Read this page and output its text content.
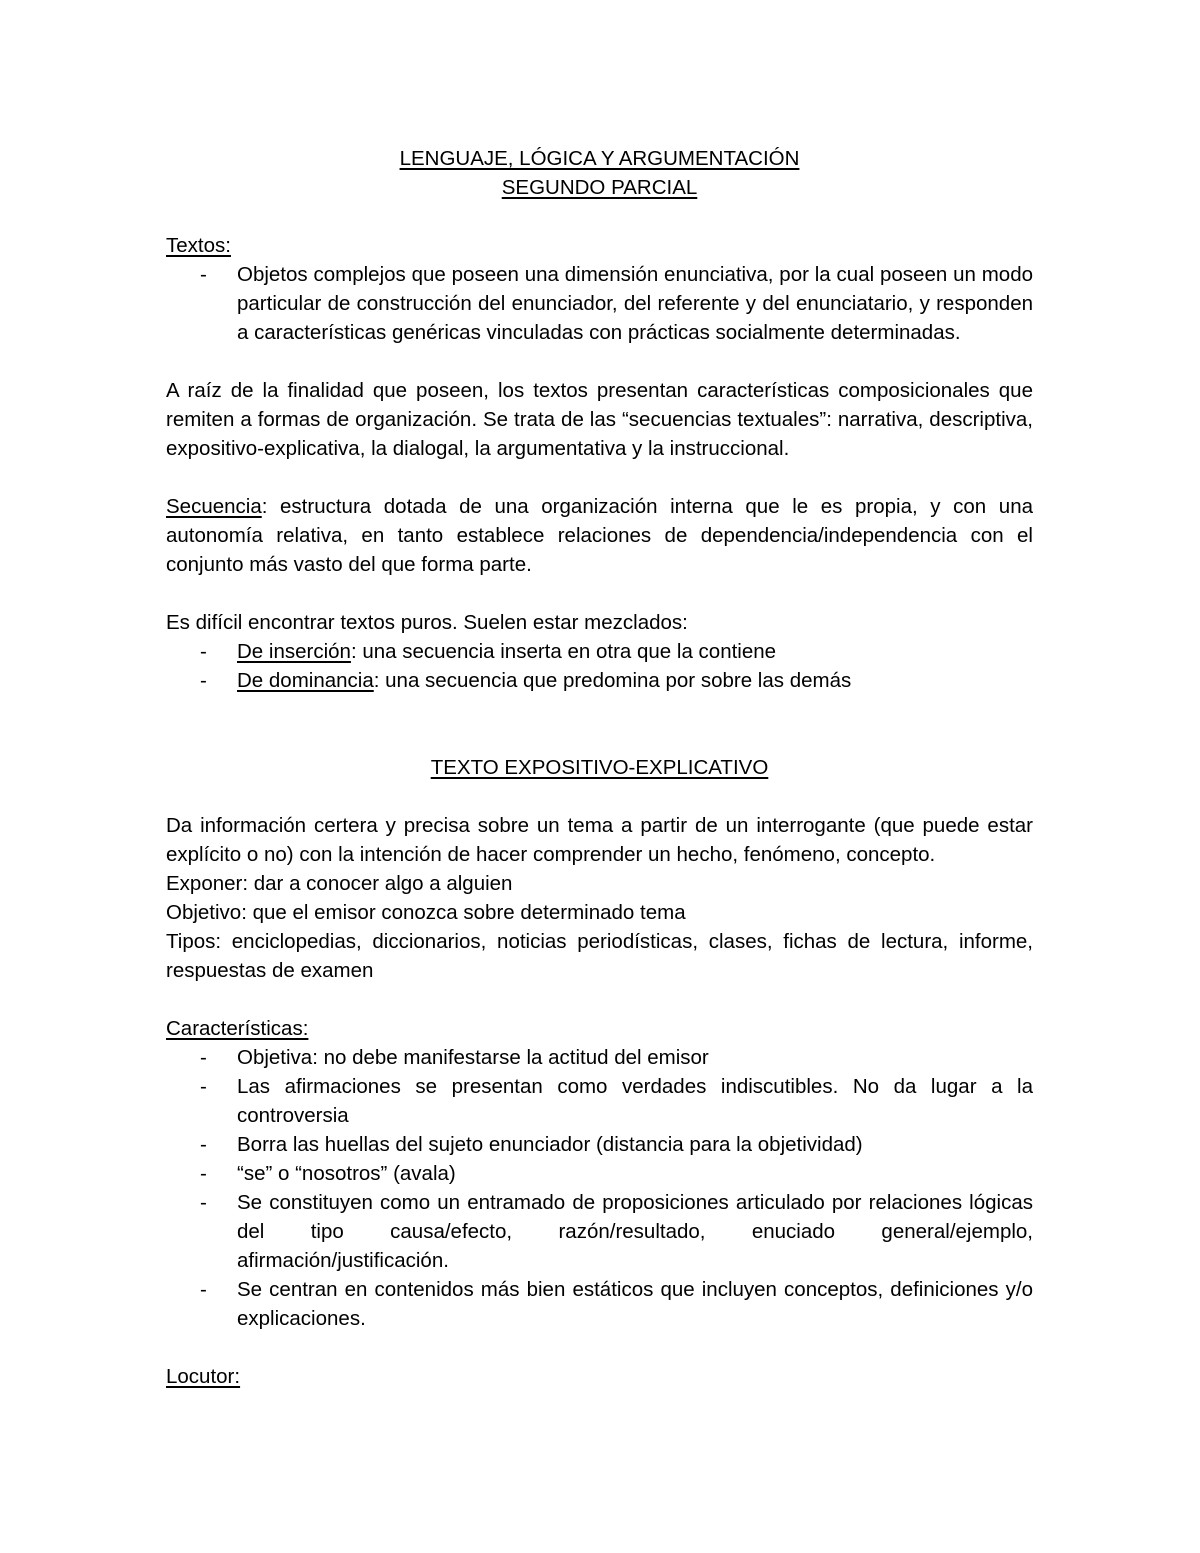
LENGUAJE, LÓGICA Y ARGUMENTACIÓN

SEGUNDO PARCIAL

Textos:

- Objetos complejos que poseen una dimensión enunciativa, por la cual poseen un modo particular de construcción del enunciador, del referente y del enunciatario, y responden a características genéricas vinculadas con prácticas socialmente determinadas.

A raíz de la finalidad que poseen, los textos presentan características composicionales que remiten a formas de organización. Se trata de las “secuencias textuales”: narrativa, descriptiva, expositivo-explicativa, la dialogal, la argumentativa y la instruccional.

Secuencia: estructura dotada de una organización interna que le es propia, y con una autonomía relativa, en tanto establece relaciones de dependencia/independencia con el conjunto más vasto del que forma parte.

Es difícil encontrar textos puros. Suelen estar mezclados:

- De inserción: una secuencia inserta en otra que la contiene
- De dominancia: una secuencia que predomina por sobre las demás

TEXTO EXPOSITIVO-EXPLICATIVO

Da información certera y precisa sobre un tema a partir de un interrogante (que puede estar explícito o no) con la intención de hacer comprender un hecho, fenómeno, concepto.

Exponer: dar a conocer algo a alguien

Objetivo: que el emisor conozca sobre determinado tema

Tipos: enciclopedias, diccionarios, noticias periodísticas, clases, fichas de lectura, informe, respuestas de examen

Características:

- Objetiva: no debe manifestarse la actitud del emisor
- Las afirmaciones se presentan como verdades indiscutibles. No da lugar a la controversia
- Borra las huellas del sujeto enunciador (distancia para la objetividad)
- “se” o “nosotros” (avala)
- Se constituyen como un entramado de proposiciones articulado por relaciones lógicas del tipo causa/efecto, razón/resultado, enuciado general/ejemplo, afirmación/justificación.
- Se centran en contenidos más bien estáticos que incluyen conceptos, definiciones y/o explicaciones.

Locutor:
